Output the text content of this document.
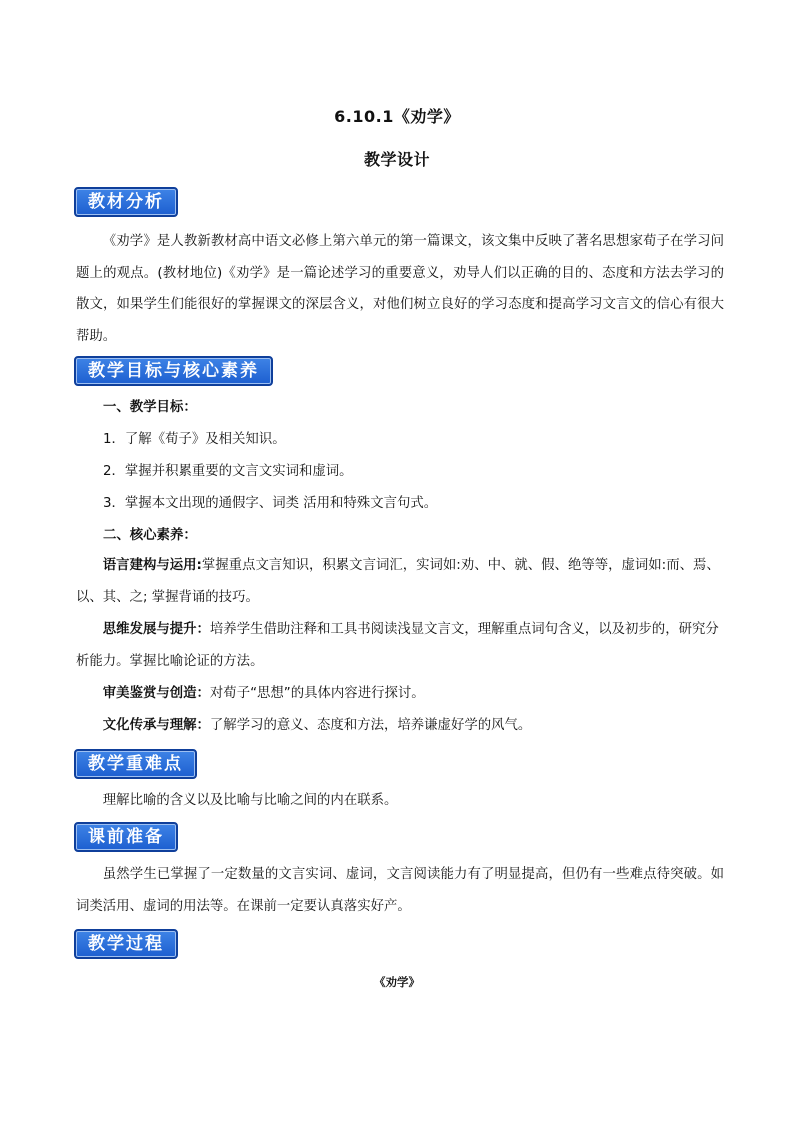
6.10.1《劝学》
教学设计
教材分析
《劝学》是人教新教材高中语文必修上第六单元的第一篇课文，该文集中反映了著名思想家荀子在学习问题上的观点。(教材地位)《劝学》是一篇论述学习的重要意义，劝导人们以正确的目的、态度和方法去学习的散文，如果学生们能很好的掌握课文的深层含义，对他们树立良好的学习态度和提高学习文言文的信心有很大帮助。
教学目标与核心素养
一、教学目标：
1．了解《荀子》及相关知识。
2．掌握并积累重要的文言文实词和虚词。
3．掌握本文出现的通假字、词类 活用和特殊文言句式。
二、核心素养：
语言建构与运用:掌握重点文言知识，积累文言词汇，实词如:劝、中、就、假、绝等等，虚词如:而、焉、以、其、之; 掌握背诵的技巧。
思维发展与提升：培养学生借助注释和工具书阅读浅显文言文，理解重点词句含义，以及初步的，研究分析能力。掌握比喻论证的方法。
审美鉴赏与创造：对荀子“思想”的具体内容进行探讨。
文化传承与理解：了解学习的意义、态度和方法，培养谦虚好学的风气。
教学重难点
理解比喻的含义以及比喻与比喻之间的内在联系。
课前准备
虽然学生已掌握了一定数量的文言实词、虚词，文言阅读能力有了明显提高，但仍有一些难点待突破。如词类活用、虚词的用法等。在课前一定要认真落实好产。
教学过程
《劝学》
